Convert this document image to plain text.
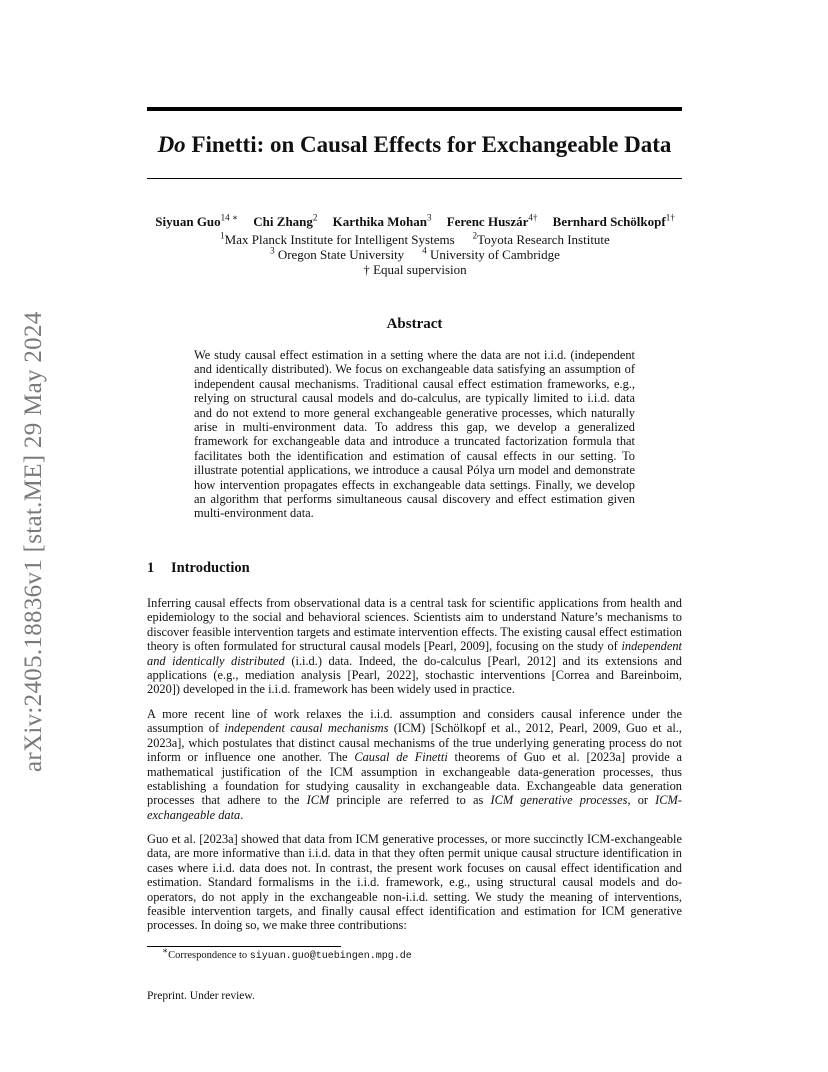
arXiv:2405.18836v1 [stat.ME] 29 May 2024
Do Finetti: on Causal Effects for Exchangeable Data
Siyuan Guo$^{14 ∗}$ Chi Zhang$^2$ Karthika Mohan$^3$ Ferenc Huszár$^{4\dagger}$ Bernhard Schölkopf$^{1\dagger}$
$^1$Max Planck Institute for Intelligent Systems $^2$Toyota Research Institute
$^3$ Oregon State University $^4$ University of Cambridge
† Equal supervision
Abstract
We study causal effect estimation in a setting where the data are not i.i.d. (independent and identically distributed). We focus on exchangeable data satisfying an assumption of independent causal mechanisms. Traditional causal effect estimation frameworks, e.g., relying on structural causal models and do-calculus, are typically limited to i.i.d. data and do not extend to more general exchangeable generative processes, which naturally arise in multi-environment data. To address this gap, we develop a generalized framework for exchangeable data and introduce a truncated factorization formula that facilitates both the identification and estimation of causal effects in our setting. To illustrate potential applications, we introduce a causal Pólya urn model and demonstrate how intervention propagates effects in exchangeable data settings. Finally, we develop an algorithm that performs simultaneous causal discovery and effect estimation given multi-environment data.
1 Introduction
Inferring causal effects from observational data is a central task for scientific applications from health and epidemiology to the social and behavioral sciences. Scientists aim to understand Nature’s mechanisms to discover feasible intervention targets and estimate intervention effects. The existing causal effect estimation theory is often formulated for structural causal models [Pearl, 2009], focusing on the study of independent and identically distributed (i.i.d.) data. Indeed, the do-calculus [Pearl, 2012] and its extensions and applications (e.g., mediation analysis [Pearl, 2022], stochastic interventions [Correa and Bareinboim, 2020]) developed in the i.i.d. framework has been widely used in practice.
A more recent line of work relaxes the i.i.d. assumption and considers causal inference under the assumption of independent causal mechanisms (ICM) [Schölkopf et al., 2012, Pearl, 2009, Guo et al., 2023a], which postulates that distinct causal mechanisms of the true underlying generating process do not inform or influence one another. The Causal de Finetti theorems of Guo et al. [2023a] provide a mathematical justification of the ICM assumption in exchangeable data-generation processes, thus establishing a foundation for studying causality in exchangeable data. Exchangeable data generation processes that adhere to the ICM principle are referred to as ICM generative processes, or ICM-exchangeable data.
Guo et al. [2023a] showed that data from ICM generative processes, or more succinctly ICM-exchangeable data, are more informative than i.i.d. data in that they often permit unique causal structure identification in cases where i.i.d. data does not. In contrast, the present work focuses on causal effect identification and estimation. Standard formalisms in the i.i.d. framework, e.g., using structural causal models and do-operators, do not apply in the exchangeable non-i.i.d. setting. We study the meaning of interventions, feasible intervention targets, and finally causal effect identification and estimation for ICM generative processes. In doing so, we make three contributions:
∗Correspondence to siyuan.guo@tuebingen.mpg.de
Preprint. Under review.
